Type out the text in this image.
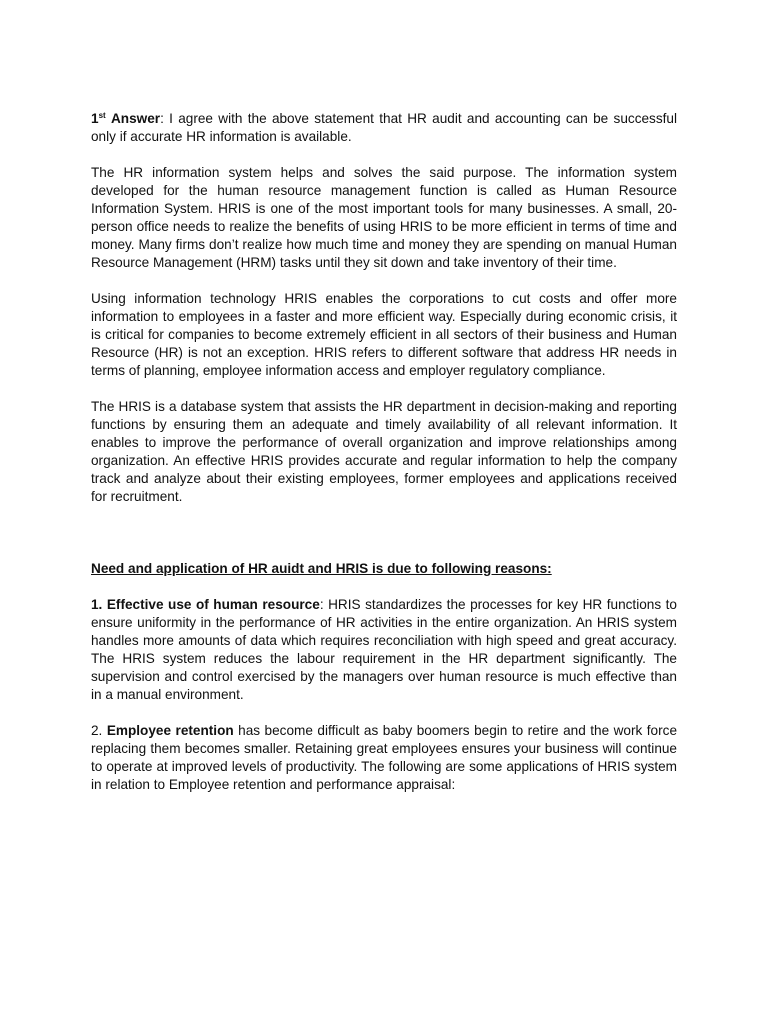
1st Answer: I agree with the above statement that HR audit and accounting can be successful only if accurate HR information is available.

The HR information system helps and solves the said purpose. The information system developed for the human resource management function is called as Human Resource Information System. HRIS is one of the most important tools for many businesses. A small, 20-person office needs to realize the benefits of using HRIS to be more efficient in terms of time and money. Many firms don’t realize how much time and money they are spending on manual Human Resource Management (HRM) tasks until they sit down and take inventory of their time.

Using information technology HRIS enables the corporations to cut costs and offer more information to employees in a faster and more efficient way. Especially during economic crisis, it is critical for companies to become extremely efficient in all sectors of their business and Human Resource (HR) is not an exception. HRIS refers to different software that address HR needs in terms of planning, employee information access and employer regulatory compliance.

The HRIS is a database system that assists the HR department in decision-making and reporting functions by ensuring them an adequate and timely availability of all relevant information. It enables to improve the performance of overall organization and improve relationships among organization. An effective HRIS provides accurate and regular information to help the company track and analyze about their existing employees, former employees and applications received for recruitment.

Need and application of HR auidt and HRIS is due to following reasons:

1. Effective use of human resource: HRIS standardizes the processes for key HR functions to ensure uniformity in the performance of HR activities in the entire organization. An HRIS system handles more amounts of data which requires reconciliation with high speed and great accuracy. The HRIS system reduces the labour requirement in the HR department significantly. The supervision and control exercised by the managers over human resource is much effective than in a manual environment.

2. Employee retention has become difficult as baby boomers begin to retire and the work force replacing them becomes smaller. Retaining great employees ensures your business will continue to operate at improved levels of productivity. The following are some applications of HRIS system in relation to Employee retention and performance appraisal:
